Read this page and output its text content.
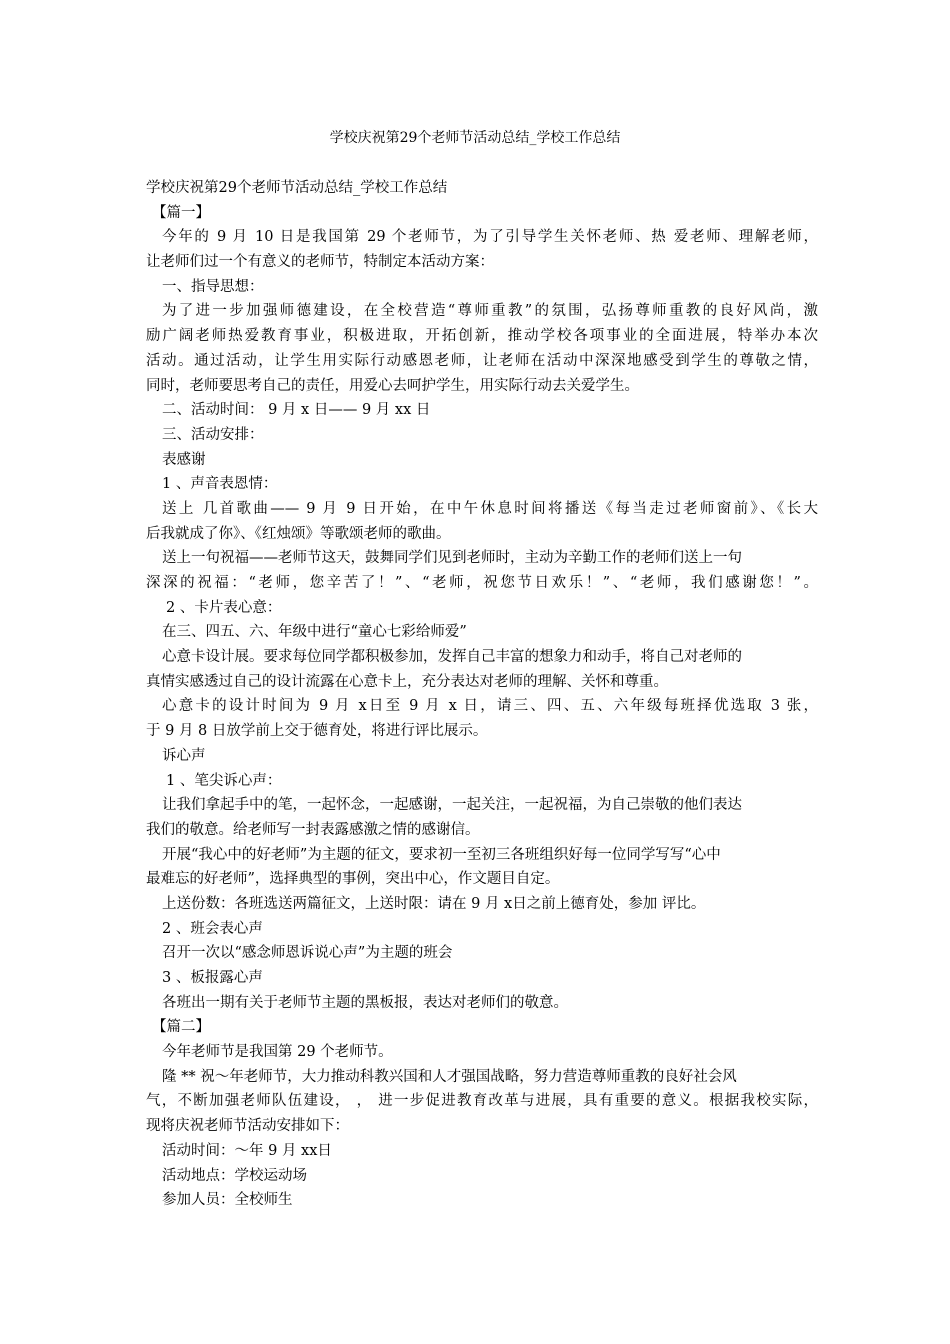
学校庆祝第29个老师节活动总结_学校工作总结
学校庆祝第29个老师节活动总结_学校工作总结
【篇一】
今年的 9 月 10 日是我国第 29 个老师节，为了引导学生关怀老师、热 爱老师、理解老师，
让老师们过一个有意义的老师节，特制定本活动方案：
一、指导思想：
为了进一步加强师德建设，在全校营造“尊师重教”的氛围，弘扬尊师重教的良好风尚，激
励广阔老师热爱教育事业，积极进取，开拓创新，推动学校各项事业的全面进展，特举办本次
活动。通过活动，让学生用实际行动感恩老师，让老师在活动中深深地感受到学生的尊敬之情，
同时，老师要思考自己的责任，用爱心去呵护学生，用实际行动去关爱学生。
二、活动时间： 9 月 x 日—— 9 月 xx 日
三、活动安排：
表感谢
1 、声音表恩情：
送上 几首歌曲—— 9 月 9 日开始，在中午休息时间将播送《每当走过老师窗前》、《长大
后我就成了你》、《红烛颂》等歌颂老师的歌曲。
送上一句祝福——老师节这天，鼓舞同学们见到老师时，主动为辛勤工作的老师们送上一句
深深的祝福：“老师，您辛苦了！”、“老师，祝您节日欢乐！”、“老师，我们感谢您！”。
2 、卡片表心意：
在三、四五、六、年级中进行“童心七彩给师爱”
心意卡设计展。要求每位同学都积极参加，发挥自己丰富的想象力和动手，将自己对老师的
真情实感透过自己的设计流露在心意卡上，充分表达对老师的理解、关怀和尊重。
心意卡的设计时间为 9 月 x日至 9 月 x 日，请三、四、五、六年级每班择优选取 3 张，
于 9 月 8 日放学前上交于德育处，将进行评比展示。
诉心声
1 、笔尖诉心声：
让我们拿起手中的笔，一起怀念，一起感谢，一起关注，一起祝福，为自己崇敬的他们表达
我们的敬意。给老师写一封表露感激之情的感谢信。
开展“我心中的好老师”为主题的征文，要求初一至初三各班组织好每一位同学写写“心中
最难忘的好老师”，选择典型的事例，突出中心，作文题目自定。
上送份数：各班选送两篇征文，上送时限：请在 9 月 x日之前上德育处，参加 评比。
2 、班会表心声
召开一次以“感念师恩诉说心声”为主题的班会
3 、板报露心声
各班出一期有关于老师节主题的黑板报，表达对老师们的敬意。
【篇二】
今年老师节是我国第 29 个老师节。
隆 ** 祝～年老师节，大力推动科教兴国和人才强国战略，努力营造尊师重教的良好社会风
气，不断加强老师队伍建设， ， 进一步促进教育改革与进展，具有重要的意义。根据我校实际，
现将庆祝老师节活动安排如下：
活动时间：～年 9 月 xx日
活动地点：学校运动场
参加人员：全校师生
